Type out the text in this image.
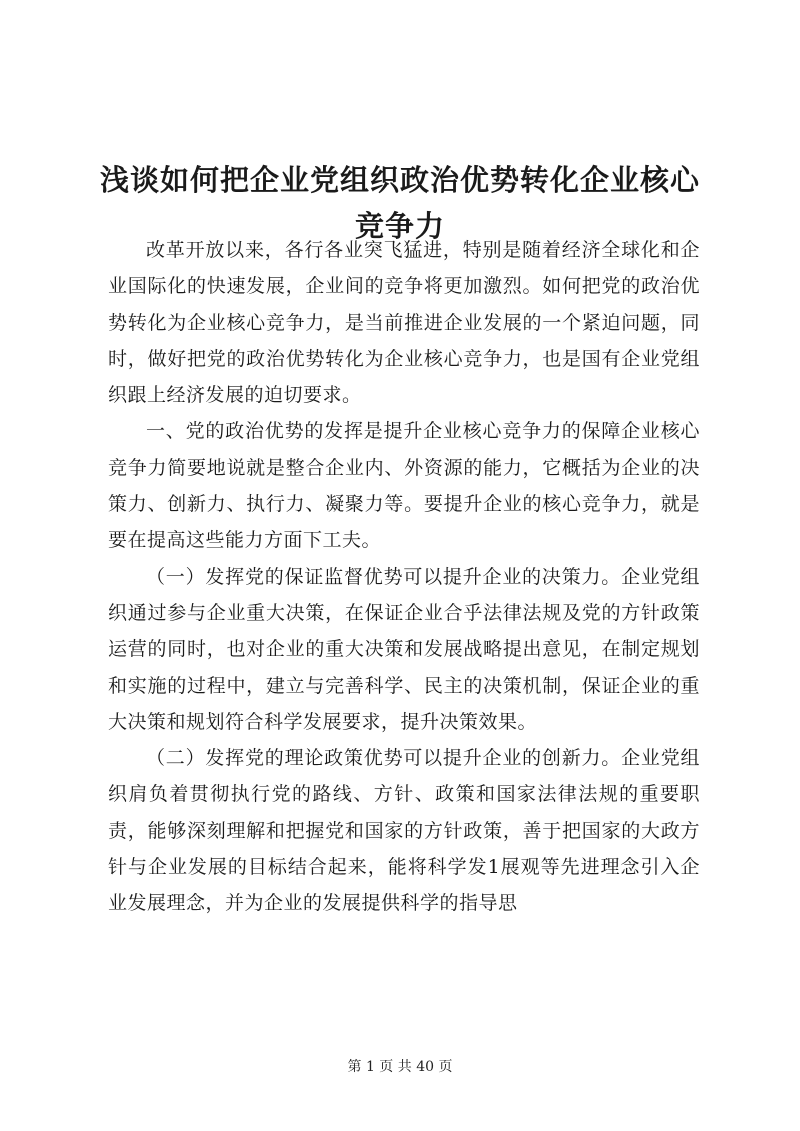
浅谈如何把企业党组织政治优势转化企业核心竞争力

改革开放以来，各行各业突飞猛进，特别是随着经济全球化和企业国际化的快速发展，企业间的竞争将更加激烈。如何把党的政治优势转化为企业核心竞争力，是当前推进企业发展的一个紧迫问题，同时，做好把党的政治优势转化为企业核心竞争力，也是国有企业党组织跟上经济发展的迫切要求。

一、党的政治优势的发挥是提升企业核心竞争力的保障企业核心竞争力简要地说就是整合企业内、外资源的能力，它概括为企业的决策力、创新力、执行力、凝聚力等。要提升企业的核心竞争力，就是要在提高这些能力方面下工夫。

（一）发挥党的保证监督优势可以提升企业的决策力。企业党组织通过参与企业重大决策，在保证企业合乎法律法规及党的方针政策运营的同时，也对企业的重大决策和发展战略提出意见，在制定规划和实施的过程中，建立与完善科学、民主的决策机制，保证企业的重大决策和规划符合科学发展要求，提升决策效果。

（二）发挥党的理论政策优势可以提升企业的创新力。企业党组织肩负着贯彻执行党的路线、方针、政策和国家法律法规的重要职责，能够深刻理解和把握党和国家的方针政策，善于把国家的大政方针与企业发展的目标结合起来，能将科学发1展观等先进理念引入企业发展理念，并为企业的发展提供科学的指导思

第 1 页 共 40 页
